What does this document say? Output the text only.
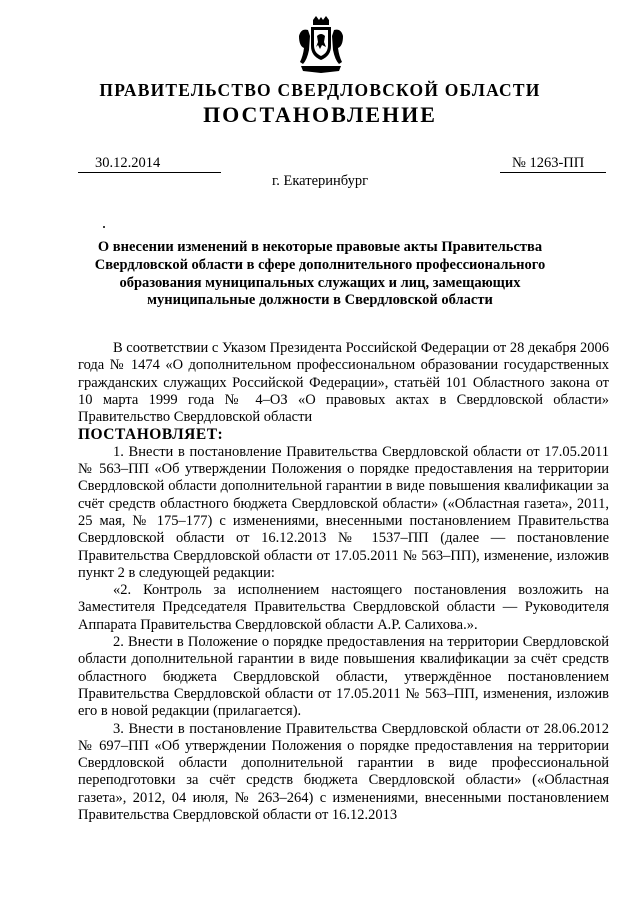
ПРАВИТЕЛЬСТВО СВЕРДЛОВСКОЙ ОБЛАСТИ
ПОСТАНОВЛЕНИЕ
30.12.2014	№ 1263-ПП
г. Екатеринбург
О внесении изменений в некоторые правовые акты Правительства Свердловской области в сфере дополнительного профессионального образования муниципальных служащих и лиц, замещающих муниципальные должности в Свердловской области

В соответствии с Указом Президента Российской Федерации от 28 декабря 2006 года № 1474 «О дополнительном профессиональном образовании государственных гражданских служащих Российской Федерации», статьёй 101 Областного закона от 10 марта 1999 года № 4–ОЗ «О правовых актах в Свердловской области» Правительство Свердловской области

ПОСТАНОВЛЯЕТ:

1. Внести в постановление Правительства Свердловской области от 17.05.2011 № 563–ПП «Об утверждении Положения о порядке предоставления на территории Свердловской области дополнительной гарантии в виде повышения квалификации за счёт средств областного бюджета Свердловской области» («Областная газета», 2011, 25 мая, № 175–177) с изменениями, внесенными постановлением Правительства Свердловской области от 16.12.2013 № 1537–ПП (далее — постановление Правительства Свердловской области от 17.05.2011 № 563–ПП), изменение, изложив пункт 2 в следующей редакции:

«2. Контроль за исполнением настоящего постановления возложить на Заместителя Председателя Правительства Свердловской области — Руководителя Аппарата Правительства Свердловской области А.Р. Салихова.».

2. Внести в Положение о порядке предоставления на территории Свердловской области дополнительной гарантии в виде повышения квалификации за счёт средств областного бюджета Свердловской области, утверждённое постановлением Правительства Свердловской области от 17.05.2011 № 563–ПП, изменения, изложив его в новой редакции (прилагается).

3. Внести в постановление Правительства Свердловской области от 28.06.2012 № 697–ПП «Об утверждении Положения о порядке предоставления на территории Свердловской области дополнительной гарантии в виде профессиональной переподготовки за счёт средств бюджета Свердловской области» («Областная газета», 2012, 04 июля, № 263–264) с изменениями, внесенными постановлением Правительства Свердловской области от 16.12.2013
